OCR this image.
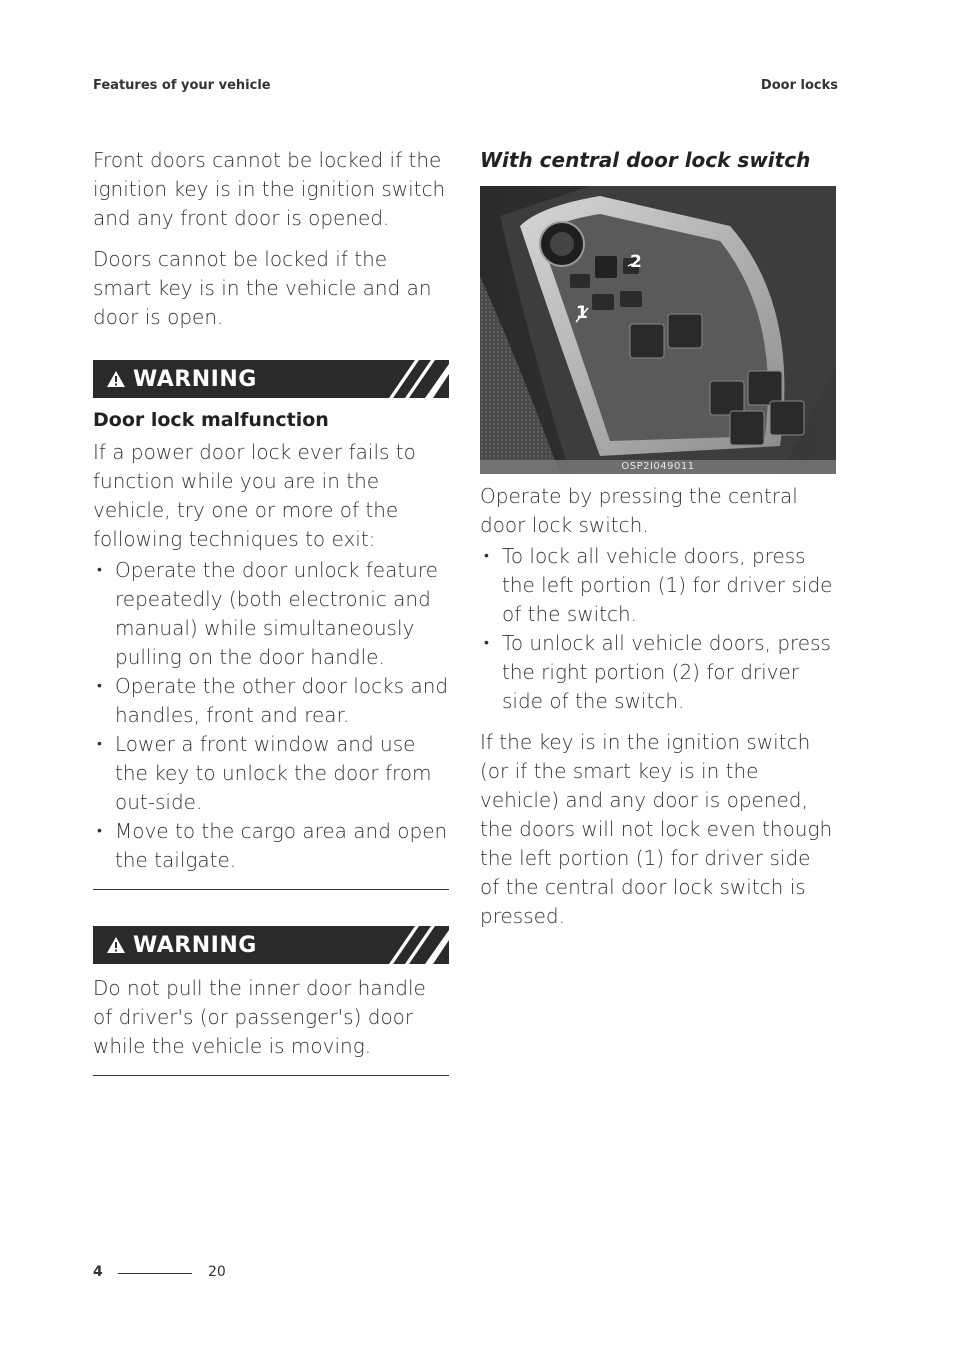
Features of your vehicle	Door locks

Front doors cannot be locked if the ignition key is in the ignition switch and any front door is opened.

Doors cannot be locked if the smart key is in the vehicle and an door is open.

WARNING
Door lock malfunction

If a power door lock ever fails to function while you are in the vehicle, try one or more of the following techniques to exit:

• Operate the door unlock feature repeatedly (both electronic and manual) while simultaneously pulling on the door handle.
• Operate the other door locks and handles, front and rear.
• Lower a front window and use the key to unlock the door from out-side.
• Move to the cargo area and open the tailgate.
WARNING

Do not pull the inner door handle of driver's (or passenger's) door while the vehicle is moving.

With central door lock switch
1
2
OSP2I049011

Operate by pressing the central door lock switch.

• To lock all vehicle doors, press the left portion (1) for driver side of the switch.
• To unlock all vehicle doors, press the right portion (2) for driver side of the switch.

If the key is in the ignition switch (or if the smart key is in the vehicle) and any door is opened, the doors will not lock even though the left portion (1) for driver side of the central door lock switch is pressed.

4	20
